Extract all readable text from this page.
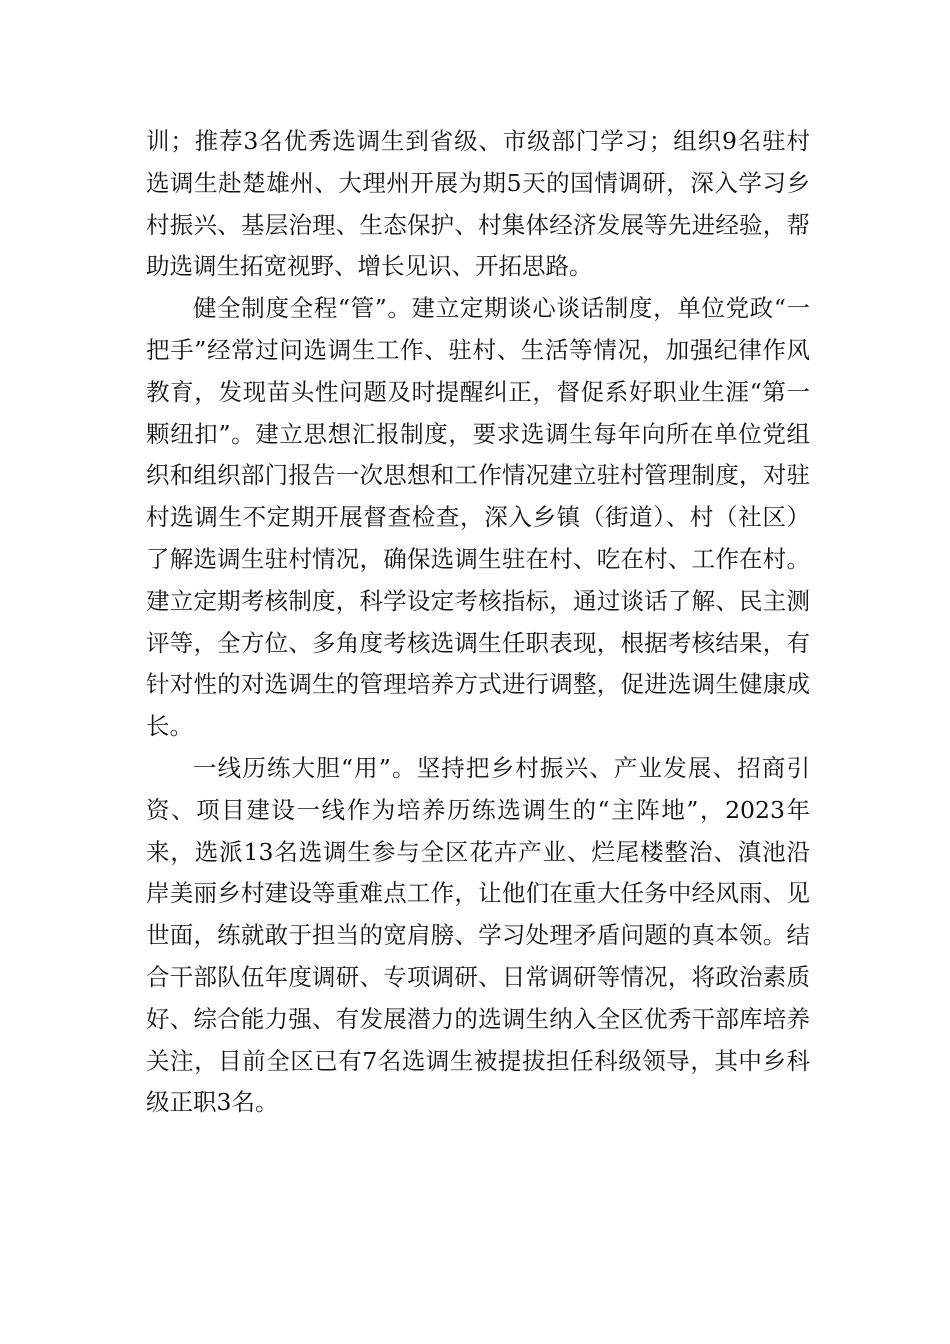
训；推荐3名优秀选调生到省级、市级部门学习；组织9名驻村选调生赴楚雄州、大理州开展为期5天的国情调研，深入学习乡村振兴、基层治理、生态保护、村集体经济发展等先进经验，帮助选调生拓宽视野、增长见识、开拓思路。

健全制度全程“管”。建立定期谈心谈话制度，单位党政“一把手”经常过问选调生工作、驻村、生活等情况，加强纪律作风教育，发现苗头性问题及时提醒纠正，督促系好职业生涯“第一颗纽扣”。建立思想汇报制度，要求选调生每年向所在单位党组织和组织部门报告一次思想和工作情况建立驻村管理制度，对驻村选调生不定期开展督查检查，深入乡镇（街道）、村（社区）了解选调生驻村情况，确保选调生驻在村、吃在村、工作在村。建立定期考核制度，科学设定考核指标，通过谈话了解、民主测评等，全方位、多角度考核选调生任职表现，根据考核结果，有针对性的对选调生的管理培养方式进行调整，促进选调生健康成长。

一线历练大胆“用”。坚持把乡村振兴、产业发展、招商引资、项目建设一线作为培养历练选调生的“主阵地”，2023年来，选派13名选调生参与全区花卉产业、烂尾楼整治、滇池沿岸美丽乡村建设等重难点工作，让他们在重大任务中经风雨、见世面，练就敢于担当的宽肩膀、学习处理矛盾问题的真本领。结合干部队伍年度调研、专项调研、日常调研等情况，将政治素质好、综合能力强、有发展潜力的选调生纳入全区优秀干部库培养关注，目前全区已有7名选调生被提拔担任科级领导，其中乡科级正职3名。
